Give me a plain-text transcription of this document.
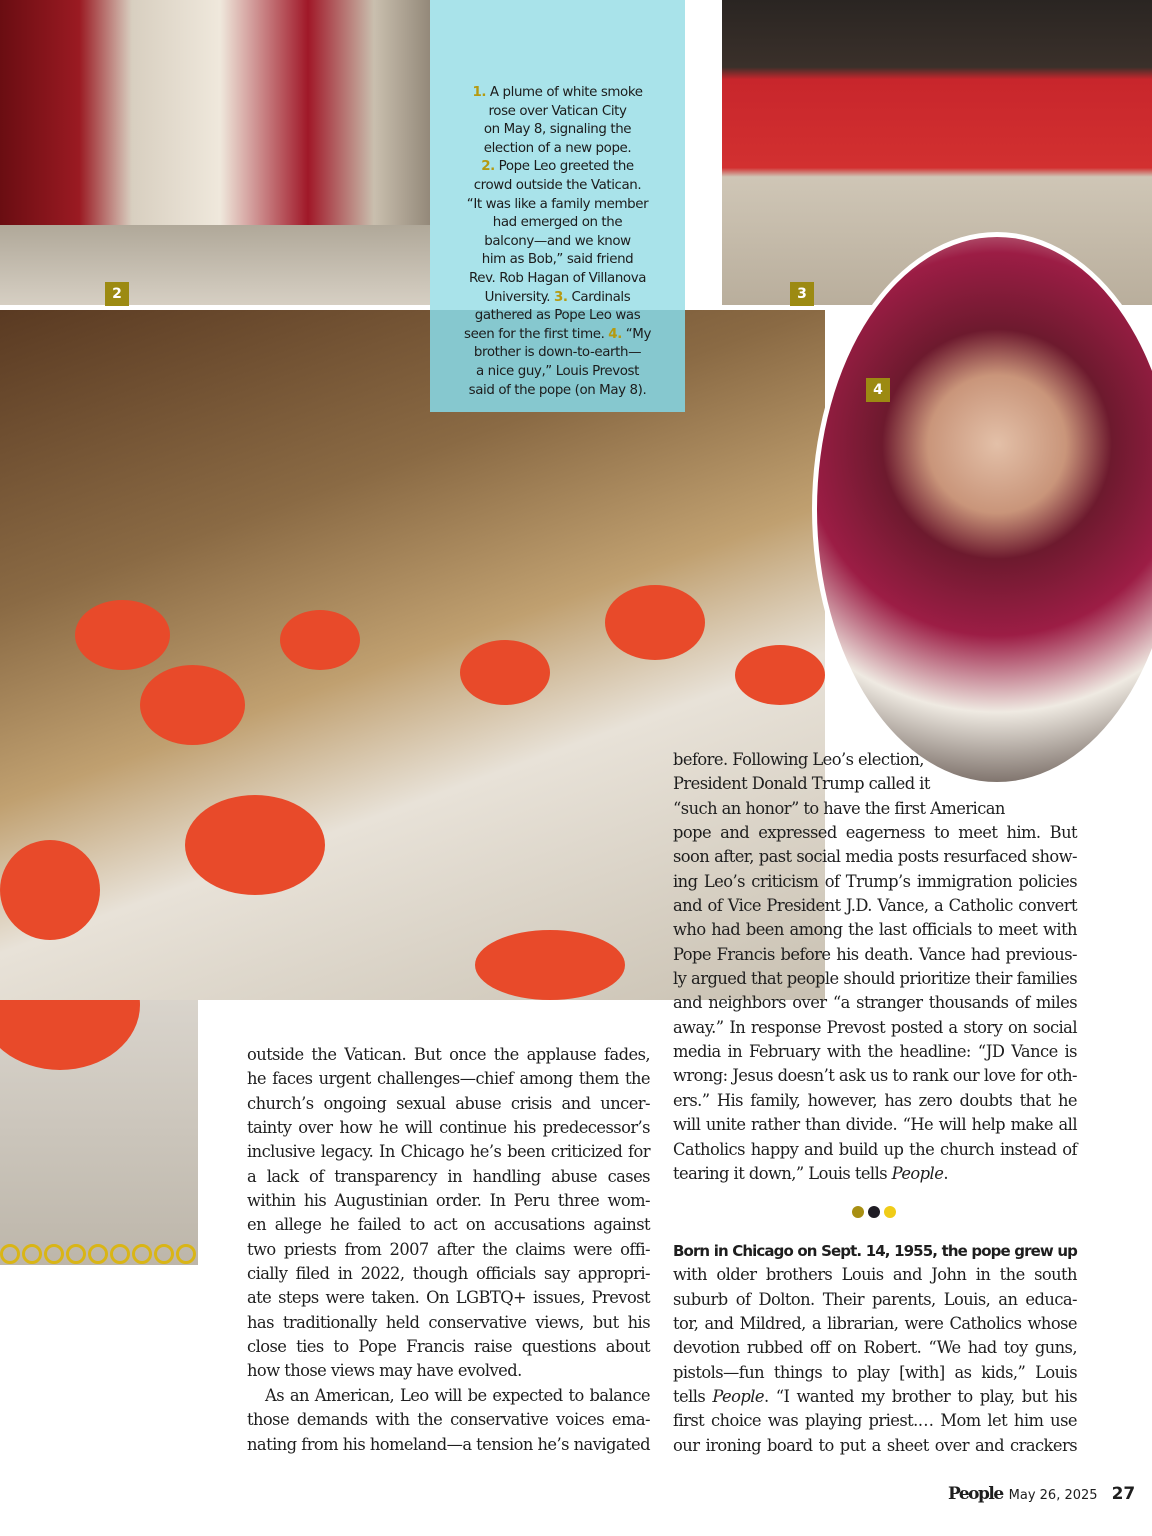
2	3
4
1. A plume of white smoke
rose over Vatican City
on May 8, signaling the
election of a new pope.
2. Pope Leo greeted the
crowd outside the Vatican.
“It was like a family member
had emerged on the
balcony—and we know
him as Bob,” said friend
Rev. Rob Hagan of Villanova
University. 3. Cardinals
gathered as Pope Leo was
seen for the first time. 4. “My
brother is down-to-earth—
a nice guy,” Louis Prevost
said of the pope (on May 8).
outside the Vatican. But once the applause fades,
he faces urgent challenges—chief among them the
church’s ongoing sexual abuse crisis and uncer-
tainty over how he will continue his predecessor’s
inclusive legacy. In Chicago he’s been criticized for
a lack of transparency in handling abuse cases
within his Augustinian order. In Peru three wom-
en allege he failed to act on accusations against
two priests from 2007 after the claims were offi-
cially filed in 2022, though officials say appropri-
ate steps were taken. On LGBTQ+ issues, Prevost
has traditionally held conservative views, but his
close ties to Pope Francis raise questions about
how those views may have evolved.
As an American, Leo will be expected to balance
those demands with the conservative voices ema-
nating from his homeland—a tension he’s navigated
before. Following Leo’s election,
President Donald Trump called it
“such an honor” to have the first American
pope and expressed eagerness to meet him. But
soon after, past social media posts resurfaced show-
ing Leo’s criticism of Trump’s immigration policies
and of Vice President J.D. Vance, a Catholic convert
who had been among the last officials to meet with
Pope Francis before his death. Vance had previous-
ly argued that people should prioritize their families
and neighbors over “a stranger thousands of miles
away.” In response Prevost posted a story on social
media in February with the headline: “JD Vance is
wrong: Jesus doesn’t ask us to rank our love for oth-
ers.” His family, however, has zero doubts that he
will unite rather than divide. “He will help make all
Catholics happy and build up the church instead of
tearing it down,” Louis tells People.
Born in Chicago on Sept. 14, 1955, the pope grew up
with older brothers Louis and John in the south
suburb of Dolton. Their parents, Louis, an educa-
tor, and Mildred, a librarian, were Catholics whose
devotion rubbed off on Robert. “We had toy guns,
pistols—fun things to play [with] as kids,” Louis
tells People. “I wanted my brother to play, but his
first choice was playing priest.… Mom let him use
our ironing board to put a sheet over and crackers
People May 26, 2025 27
